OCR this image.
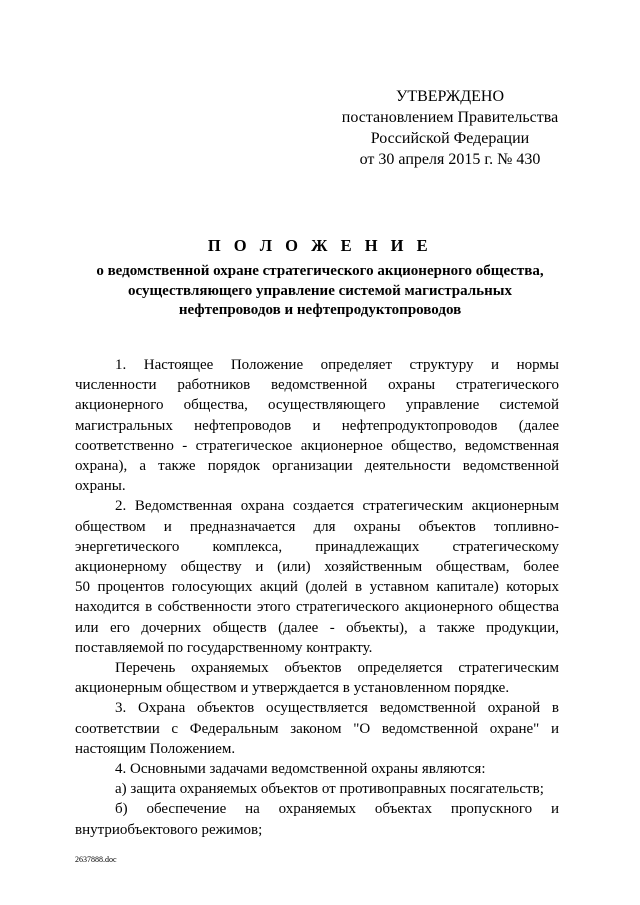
УТВЕРЖДЕНО
постановлением Правительства
Российской Федерации
от 30 апреля 2015 г. № 430
П О Л О Ж Е Н И Е
о ведомственной охране стратегического акционерного общества,
осуществляющего управление системой магистральных
нефтепроводов и нефтепродуктопроводов
1. Настоящее Положение определяет структуру и нормы
численности работников ведомственной охраны стратегического
акционерного общества, осуществляющего управление системой
магистральных нефтепроводов и нефтепродуктопроводов (далее
соответственно - стратегическое акционерное общество, ведомственная
охрана), а также порядок организации деятельности ведомственной
охраны.
2. Ведомственная охрана создается стратегическим акционерным
обществом и предназначается для охраны объектов топливно-
энергетического комплекса, принадлежащих стратегическому
акционерному обществу и (или) хозяйственным обществам, более
50 процентов голосующих акций (долей в уставном капитале) которых
находится в собственности этого стратегического акционерного общества
или его дочерних обществ (далее - объекты), а также продукции,
поставляемой по государственному контракту.
Перечень охраняемых объектов определяется стратегическим
акционерным обществом и утверждается в установленном порядке.
3. Охрана объектов осуществляется ведомственной охраной в
соответствии с Федеральным законом "О ведомственной охране" и
настоящим Положением.
4. Основными задачами ведомственной охраны являются:
а) защита охраняемых объектов от противоправных посягательств;
б) обеспечение на охраняемых объектах пропускного и
внутриобъектового режимов;
2637888.doc
